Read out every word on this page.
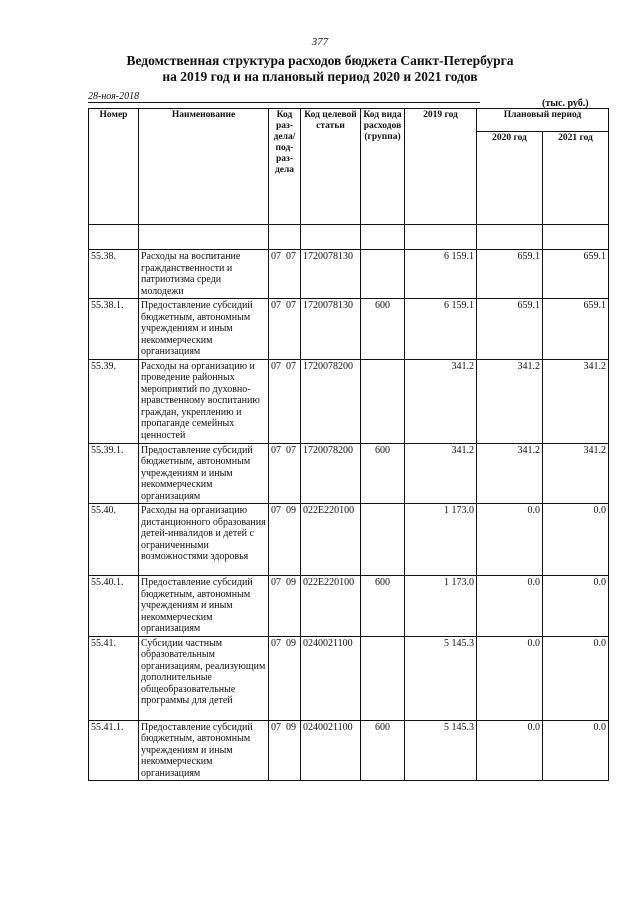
377
Ведомственная структура расходов бюджета Санкт-Петербурга
на 2019 год и на плановый период 2020 и 2021 годов
28-ноя-2018
(тыс. руб.)
Номер	Наименование	Код раз-дела/под-раз-дела	Код целевой статьи	Код вида расходов (группа)	2019 год	Плановый период	
						2020 год	2021 год

55.38.	Расходы на воспитание гражданственности и патриотизма среди молодежи	07  07	1720078130		6 159.1	659.1	659.1
55.38.1.	Предоставление субсидий бюджетным, автономным учреждениям и иным некоммерческим организациям	07  07	1720078130	600	6 159.1	659.1	659.1
55.39.	Расходы на организацию и проведение районных мероприятий по духовно-нравственному воспитанию граждан, укреплению и пропаганде семейных ценностей	07  07	1720078200		341.2	341.2	341.2
55.39.1.	Предоставление субсидий бюджетным, автономным учреждениям и иным некоммерческим организациям	07  07	1720078200	600	341.2	341.2	341.2
55.40.	Расходы на организацию дистанционного образования детей-инвалидов и детей с ограниченными возможностями здоровья	07  09	022Е220100		1 173.0	0.0	0.0
55.40.1.	Предоставление субсидий бюджетным, автономным учреждениям и иным некоммерческим организациям	07  09	022Е220100	600	1 173.0	0.0	0.0
55.41.	Субсидии частным образовательным организациям, реализующим дополнительные общеобразовательные программы для детей	07  09	0240021100		5 145.3	0.0	0.0
55.41.1.	Предоставление субсидий бюджетным, автономным учреждениям и иным некоммерческим организациям	07  09	0240021100	600	5 145.3	0.0	0.0
